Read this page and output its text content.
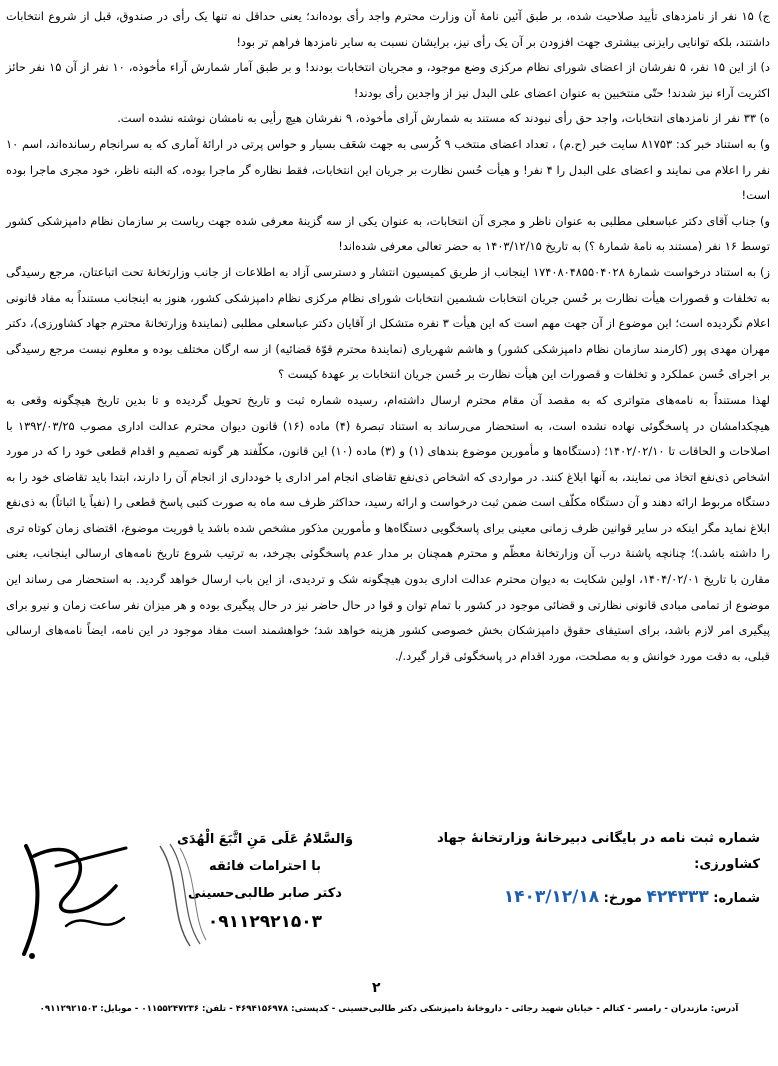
ج) ۱۵ نفر از نامزدهای تأیید صلاحیت شده، بر طبق آئین نامهٔ آن وزارت محترم واجد رأی بوده‌اند؛ یعنی حداقل نه تنها یک رأی در صندوق، قبل از شروع انتخابات داشتند، بلکه توانایی رایزنی بیشتری جهت افزودن بر آن یک رأی نیز، برایشان نسبت به سایر نامزدها فراهم تر بود!

د) از این ۱۵ نفر، ۵ نفرشان از اعضای شورای نظام مرکزی وضع موجود، و مجریان انتخابات بودند! و بر طبق آمار شمارش آراء مأخوذه، ۱۰ نفر از آن ۱۵ نفر حائز اکثریت آراء نیز شدند! حتّی منتخبین به عنوان اعضای علی البدل نیز از واجدین رأی بودند!

ه) ۳۳ نفر از نامزدهای انتخابات، واجد حق رأی نبودند که مستند به شمارش آرای مأخوذه، ۹ نفرشان هیچ رأیی به نامشان نوشته نشده است.

و) به استناد خبر کد: ۸۱۷۵۳ سایت خبر (ح.م) ، تعداد اعضای منتخب ۹ کُرسی به جهت شعَف بسیار و حواس پرتی در ارائهٔ آماری که به سرانجام رسانده‌اند، اسم ۱۰ نفر را اعلام می نمایند و اعضای علی البدل را ۴ نفر! و هیأت حُسن نظارت بر جریان این انتخابات، فقط نظاره گر ماجرا بوده، که البته ناظر، خود مجری ماجرا بوده است!

و) جناب آقای دکتر عباسعلی مطلبی به عنوان ناظر و مجری آن انتخابات، به عنوان یکی از سه گزینهٔ معرفی شده جهت ریاست بر سازمان نظام دامپزشکی کشور توسط ۱۶ نفر (مستند به نامهٔ شمارهٔ ؟) به تاریخ ۱۴۰۳/۱۲/۱۵ به حضر تعالی معرفی شده‌اند!

ز) به استناد درخواست شمارهٔ ۱۷۴۰۸۰۴۸۵۵۰۴۰۲۸ اینجانب از طریق کمیسیون انتشار و دسترسی آزاد به اطلاعات از جانب وزارتخانهٔ تحت اتباعتان، مرجع رسیدگی به تخلفات و قصورات هیأت نظارت بر حُسن جریان انتخابات ششمین انتخابات شورای نظام مرکزی نظام دامپزشکی کشور، هنوز به اینجانب مستنداً به مفاد قانونی اعلام نگردیده است؛ این موضوع از آن جهت مهم است که این هیأت ۳ نفره متشکل از آقایان دکتر عباسعلی مطلبی (نمایندهٔ وزارتخانهٔ محترم جهاد کشاورزی)، دکتر مهران مهدی پور (کارمند سازمان نظام دامپزشکی کشور) و هاشم شهریاری (نمایندهٔ محترم قوّهٔ قضائیه) از سه ارگان مختلف بوده و معلوم نیست مرجع رسیدگی بر اجرای حُسن عملکرد و تخلفات و قصورات این هیأت نظارت بر حُسن جریان انتخابات بر عهدهٔ کیست ؟

لهذا مستنداً به نامه‌های متواتری که به مقصد آن مقام محترم ارسال داشته‌ام، رسیده شماره ثبت و تاریخ تحویل گردیده و تا بدین تاریخ هیچگونه وقعی به هیچکدامشان در پاسخگوئی نهاده نشده است، به استحضار می‌رساند به استناد تبصرهٔ (۴) ماده (۱۶) قانون دیوان محترم عدالت اداری مصوب ۱۳۹۲/۰۳/۲۵ با اصلاحات و الحاقات تا ۱۴۰۲/۰۲/۱۰؛ (دستگاه‌ها و مأمورین موضوع بندهای (۱) و (۳) ماده (۱۰) این قانون، مکلّفند هر گونه تصمیم و اقدام قطعی خود را که در مورد اشخاص ذی‌نفع اتخاذ می نمایند، به آنها ابلاغ کنند. در مواردی که اشخاص ذی‌نفع تقاضای انجام امر اداری یا خودداری از انجام آن را دارند، ابتدا باید تقاضای خود را به دستگاه مربوط ارائه دهند و آن دستگاه مکلّف است ضمن ثبت درخواست و ارائه رسید، حداکثر ظرف سه ماه به صورت کتبی پاسخ قطعی را (نفیاً یا اثباتاً) به ذی‌نفع ابلاغ نماید مگر اینکه در سایر قوانین ظرف زمانی معینی برای پاسخگویی دستگاه‌ها و مأمورین مذکور مشخص شده باشد یا فوریت موضوع، اقتضای زمان کوتاه تری را داشته باشد.)؛ چنانچه پاشنهٔ درب آن وزارتخانهٔ معظّم و محترم همچنان بر مدار عدم پاسخگوئی بچرخد، به ترتیب شروع تاریخ نامه‌های ارسالی اینجانب، یعنی مقارن با تاریخ ۱۴۰۴/۰۲/۰۱، اولین شکایت به دیوان محترم عدالت اداری بدون هیچگونه شک و تردیدی، از این باب ارسال خواهد گردید. به استحضار می رساند این موضوع از تمامی مبادی قانونی نظارتی و قضائی موجود در کشور با تمام توان و قوا در حال حاضر نیز در حال پیگیری بوده و هر میزان نفر ساعت زمان و نیرو برای پیگیری امر لازم باشد، برای استیفای حقوق دامپزشکان بخش خصوصی کشور هزینه خواهد شد؛ خواهشمند است مفاد موجود در این نامه، ایضاً نامه‌های ارسالی قبلی، به دقت مورد خوانش و به مصلحت، مورد اقدام در پاسخگوئی قرار گیرد./.

شماره ثبت نامه در بایگانی دبیرخانهٔ وزارتخانهٔ جهاد کشاورزی:
شماره: ۴۲۴۳۳۳ مورخ: ۱۴۰۳/۱۲/۱۸
وَالسَّلامُ عَلَی مَنِ اتَّبَعَ الْهُدَی
با احترامات فائقه
دکتر صابر طالبی‌حسینی
۰۹۱۱۲۹۲۱۵۰۳
۲
آدرس: مازندران - رامسر - کتالم - خیابان شهید رجائی - داروخانهٔ دامپزشکی دکتر طالبی‌حسینی - کدپستی: ۴۶۹۴۱۵۶۹۷۸ - تلفن: ۰۱۱۵۵۲۴۷۲۳۶ - موبایل: ۰۹۱۱۲۹۲۱۵۰۳
